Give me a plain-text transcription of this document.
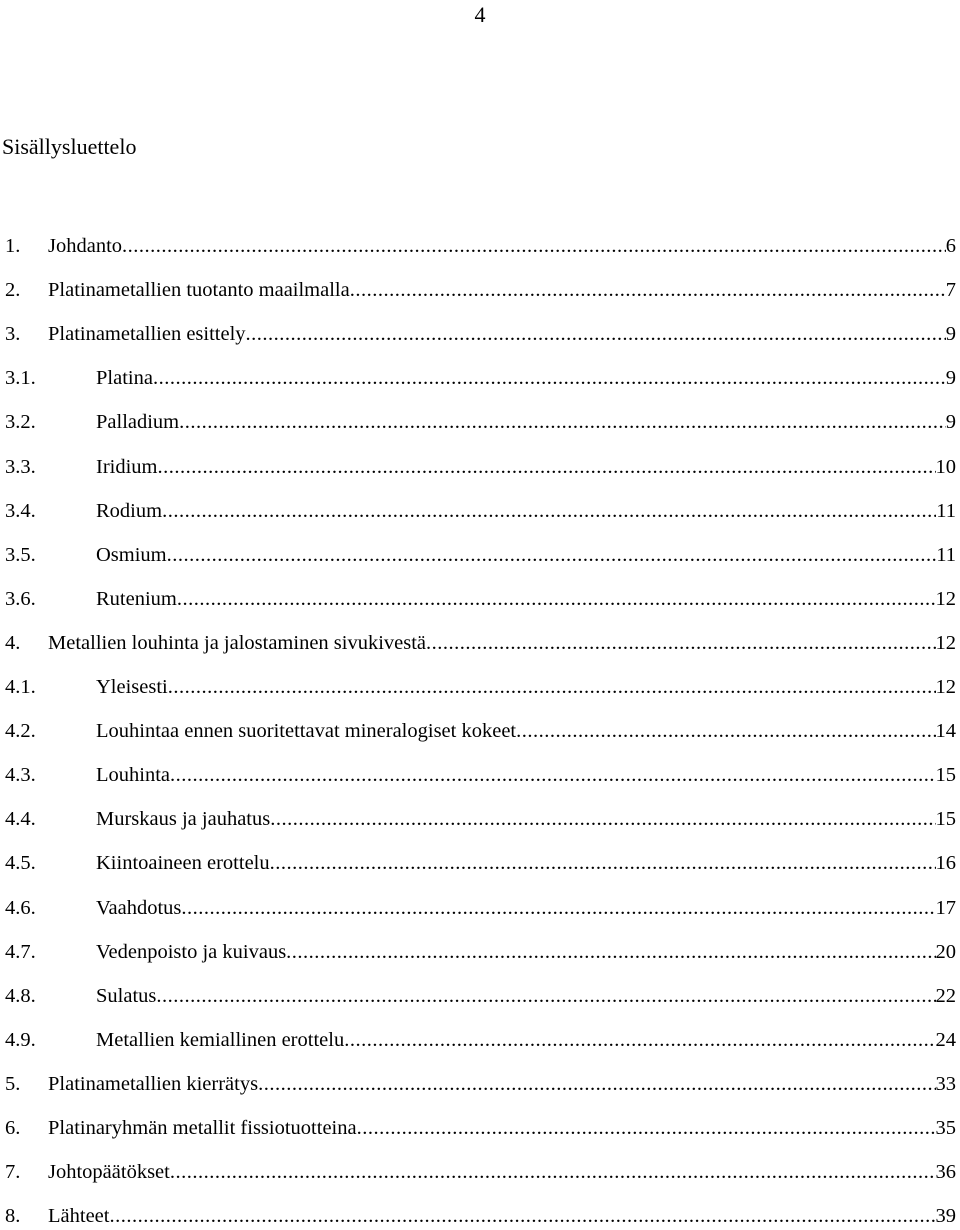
4
Sisällysluettelo
1. Johdanto .....	6
2. Platinametallien tuotanto maailmalla .....	7
3. Platinametallien esittely .....	9
3.1.	Platina .....	9
3.2.	Palladium .....	9
3.3.	Iridium .....	10
3.4.	Rodium .....	11
3.5.	Osmium .....	11
3.6.	Rutenium .....	12
4. Metallien louhinta ja jalostaminen sivukivestä .....	12
4.1.	Yleisesti .....	12
4.2.	Louhintaa ennen suoritettavat mineralogiset kokeet .....	14
4.3.	Louhinta .....	15
4.4.	Murskaus ja jauhatus .....	15
4.5.	Kiintoaineen erottelu .....	16
4.6.	Vaahdotus .....	17
4.7.	Vedenpoisto ja kuivaus .....	20
4.8.	Sulatus .....	22
4.9.	Metallien kemiallinen erottelu .....	24
5. Platinametallien kierrätys .....	33
6. Platinaryhmän metallit fissiotuotteina .....	35
7. Johtopäätökset .....	36
8. Lähteet .....	39
